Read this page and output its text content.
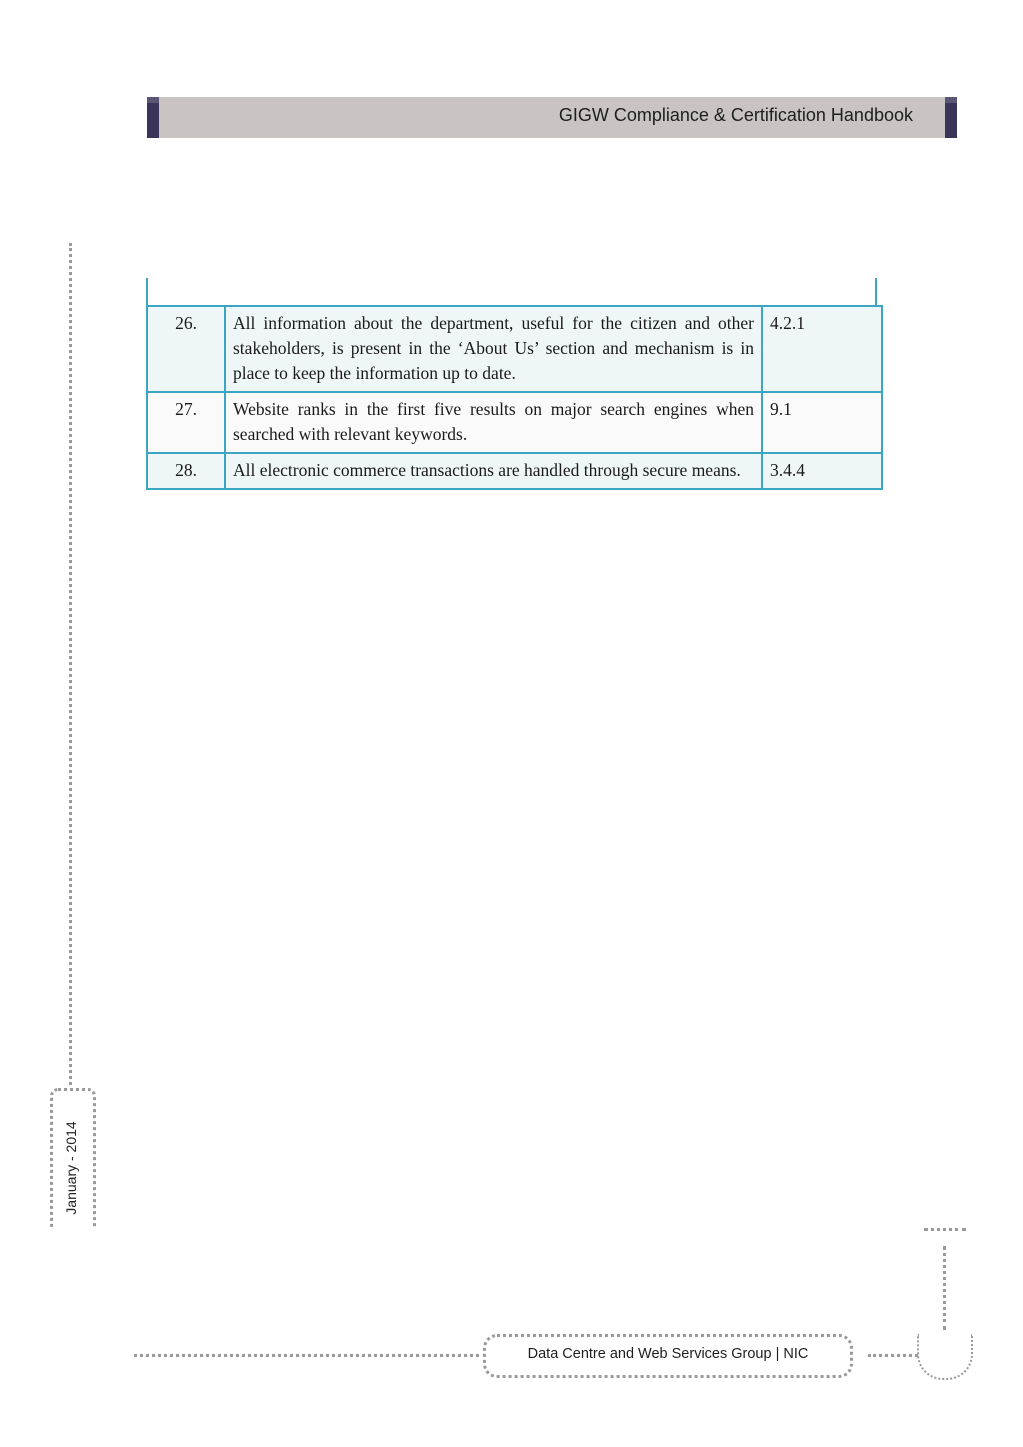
GIGW Compliance & Certification Handbook
January - 2014
26.	All information about the department, useful for the citizen and other stakeholders, is present in the ‘About Us’ section and mechanism is in place to keep the information up to date.	4.2.1
27.	Website ranks in the first five results on major search engines when searched with relevant keywords.	9.1
28.	All electronic commerce transactions are handled through secure means.	3.4.4
Data Centre and Web Services Group | NIC
